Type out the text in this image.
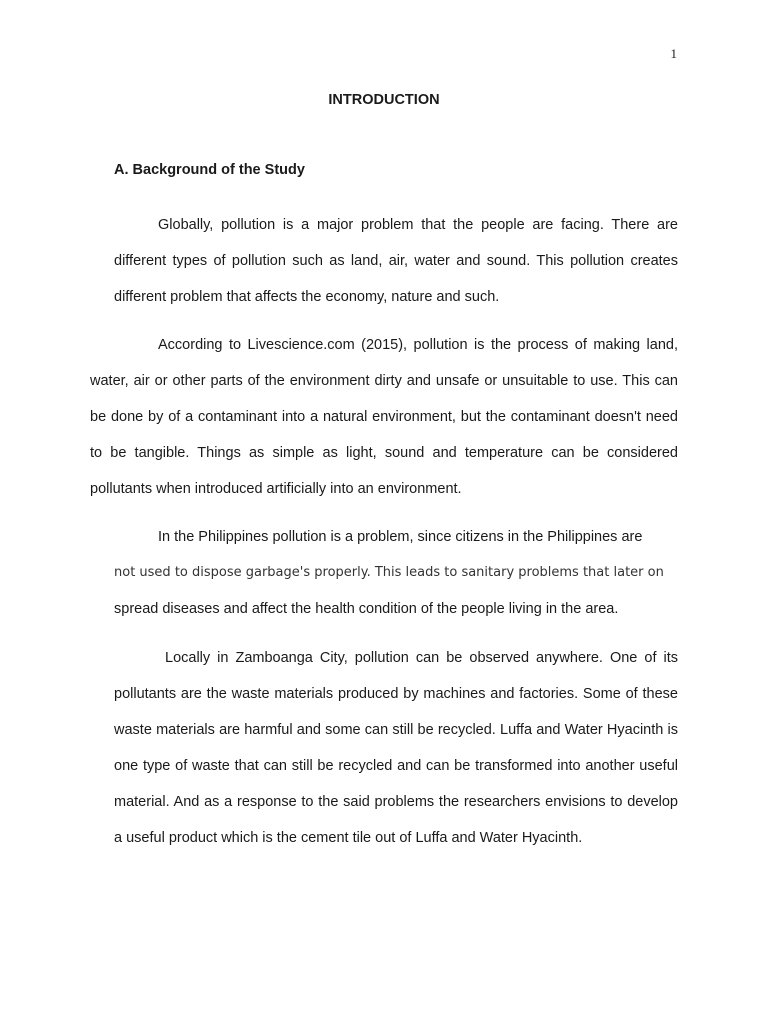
1
INTRODUCTION
A. Background of the Study

Globally, pollution is a major problem that the people are facing. There are different types of pollution such as land, air, water and sound. This pollution creates different problem that affects the economy, nature and such.

According to Livescience.com (2015), pollution is the process of making land, water, air or other parts of the environment dirty and unsafe or unsuitable to use. This can be done by of a contaminant into a natural environment, but the contaminant doesn't need to be tangible. Things as simple as light, sound and temperature can be considered pollutants when introduced artificially into an environment.

In the Philippines pollution is a problem, since citizens in the Philippines are
not used to dispose garbage's properly. This leads to sanitary problems that later on
spread diseases and affect the health condition of the people living in the area.

Locally in Zamboanga City, pollution can be observed anywhere. One of its pollutants are the waste materials produced by machines and factories. Some of these waste materials are harmful and some can still be recycled. Luffa and Water Hyacinth is one type of waste that can still be recycled and can be transformed into another useful material. And as a response to the said problems the researchers envisions to develop a useful product which is the cement tile out of Luffa and Water Hyacinth.
